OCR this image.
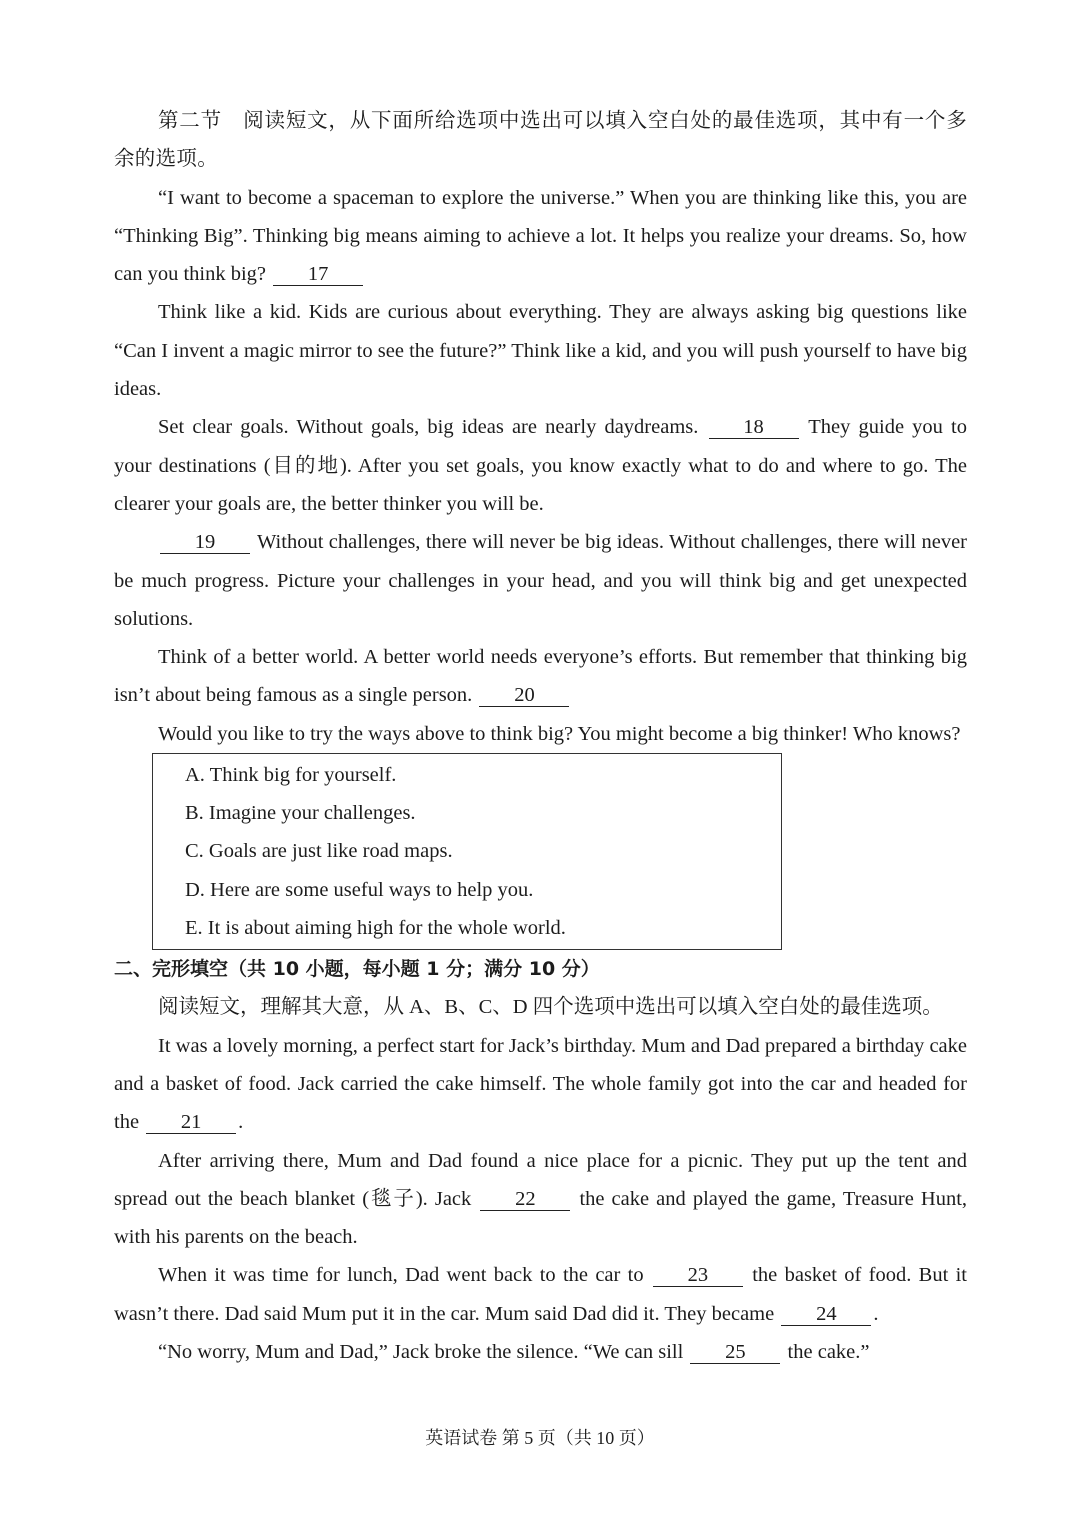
第二节　阅读短文，从下面所给选项中选出可以填入空白处的最佳选项，其中有一个多余的选项。

“I want to become a spaceman to explore the universe.” When you are thinking like this, you are “Thinking Big”. Thinking big means aiming to achieve a lot. It helps you realize your dreams. So, how can you think big? 17

Think like a kid. Kids are curious about everything. They are always asking big questions like “Can I invent a magic mirror to see the future?” Think like a kid, and you will push yourself to have big ideas.

Set clear goals. Without goals, big ideas are nearly daydreams. 18 They guide you to your destinations (目的地). After you set goals, you know exactly what to do and where to go. The clearer your goals are, the better thinker you will be.

19 Without challenges, there will never be big ideas. Without challenges, there will never be much progress. Picture your challenges in your head, and you will think big and get unexpected solutions.

Think of a better world. A better world needs everyone’s efforts. But remember that thinking big isn’t about being famous as a single person. 20

Would you like to try the ways above to think big? You might become a big thinker! Who knows?

A. Think big for yourself.
B. Imagine your challenges.
C. Goals are just like road maps.
D. Here are some useful ways to help you.
E. It is about aiming high for the whole world.

二、完形填空（共 10 小题，每小题 1 分；满分 10 分）

阅读短文，理解其大意，从 A、B、C、D 四个选项中选出可以填入空白处的最佳选项。

It was a lovely morning, a perfect start for Jack’s birthday. Mum and Dad prepared a birthday cake and a basket of food. Jack carried the cake himself. The whole family got into the car and headed for the 21 .

After arriving there, Mum and Dad found a nice place for a picnic. They put up the tent and spread out the beach blanket (毯子). Jack 22 the cake and played the game, Treasure Hunt, with his parents on the beach.

When it was time for lunch, Dad went back to the car to 23 the basket of food. But it wasn’t there. Dad said Mum put it in the car. Mum said Dad did it. They became 24 .

“No worry, Mum and Dad,” Jack broke the silence. “We can sill 25 the cake.”

英语试卷 第 5 页（共 10 页）
